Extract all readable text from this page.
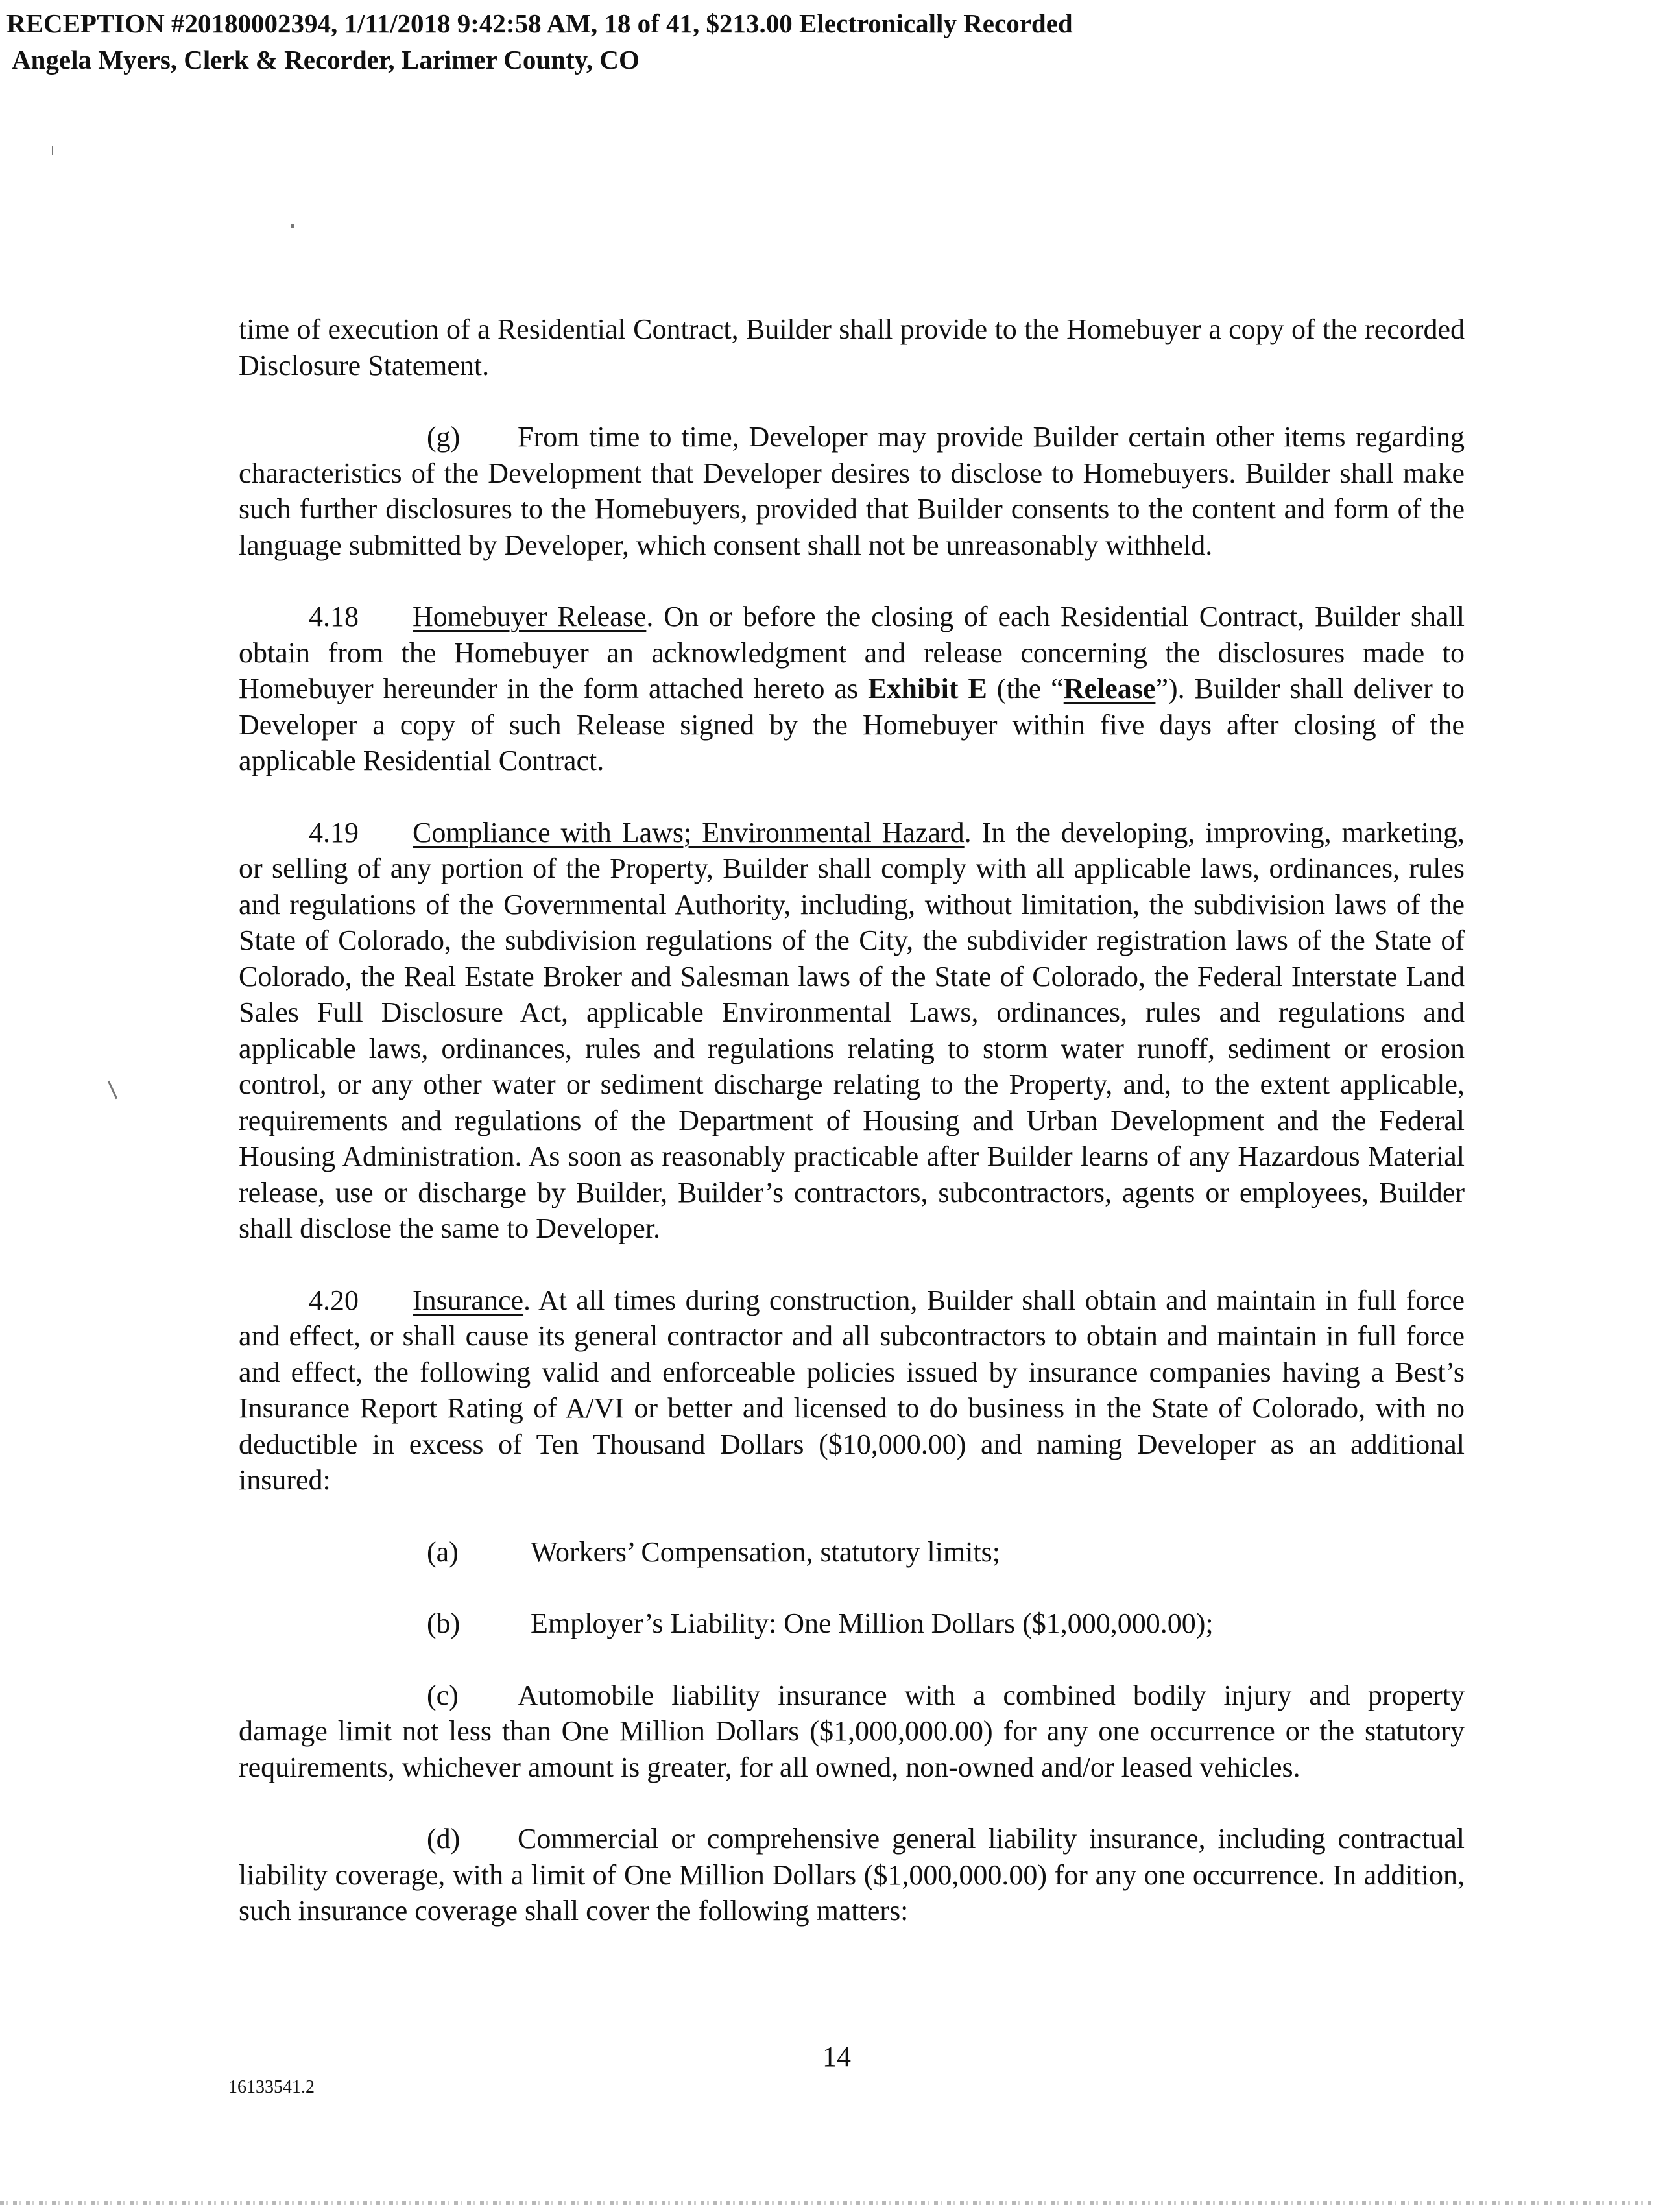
RECEPTION #20180002394, 1/11/2018 9:42:58 AM, 18 of 41, $213.00 Electronically Recorded
Angela Myers, Clerk & Recorder, Larimer County, CO

time of execution of a Residential Contract, Builder shall provide to the Homebuyer a copy of the recorded Disclosure Statement.

(g) From time to time, Developer may provide Builder certain other items regarding characteristics of the Development that Developer desires to disclose to Homebuyers. Builder shall make such further disclosures to the Homebuyers, provided that Builder consents to the content and form of the language submitted by Developer, which consent shall not be unreasonably withheld.

4.18 Homebuyer Release. On or before the closing of each Residential Contract, Builder shall obtain from the Homebuyer an acknowledgment and release concerning the disclosures made to Homebuyer hereunder in the form attached hereto as Exhibit E (the “Release”). Builder shall deliver to Developer a copy of such Release signed by the Homebuyer within five days after closing of the applicable Residential Contract.

4.19 Compliance with Laws; Environmental Hazard. In the developing, improving, marketing, or selling of any portion of the Property, Builder shall comply with all applicable laws, ordinances, rules and regulations of the Governmental Authority, including, without limitation, the subdivision laws of the State of Colorado, the subdivision regulations of the City, the subdivider registration laws of the State of Colorado, the Real Estate Broker and Salesman laws of the State of Colorado, the Federal Interstate Land Sales Full Disclosure Act, applicable Environmental Laws, ordinances, rules and regulations and applicable laws, ordinances, rules and regulations relating to storm water runoff, sediment or erosion control, or any other water or sediment discharge relating to the Property, and, to the extent applicable, requirements and regulations of the Department of Housing and Urban Development and the Federal Housing Administration. As soon as reasonably practicable after Builder learns of any Hazardous Material release, use or discharge by Builder, Builder’s contractors, subcontractors, agents or employees, Builder shall disclose the same to Developer.

4.20 Insurance. At all times during construction, Builder shall obtain and maintain in full force and effect, or shall cause its general contractor and all subcontractors to obtain and maintain in full force and effect, the following valid and enforceable policies issued by insurance companies having a Best’s Insurance Report Rating of A/VI or better and licensed to do business in the State of Colorado, with no deductible in excess of Ten Thousand Dollars ($10,000.00) and naming Developer as an additional insured:

(a)	Workers’ Compensation, statutory limits;

(b) Employer’s Liability: One Million Dollars ($1,000,000.00);

(c) Automobile liability insurance with a combined bodily injury and property damage limit not less than One Million Dollars ($1,000,000.00) for any one occurrence or the statutory requirements, whichever amount is greater, for all owned, non-owned and/or leased vehicles.

(d) Commercial or comprehensive general liability insurance, including contractual liability coverage, with a limit of One Million Dollars ($1,000,000.00) for any one occurrence. In addition, such insurance coverage shall cover the following matters:

14
16133541.2
